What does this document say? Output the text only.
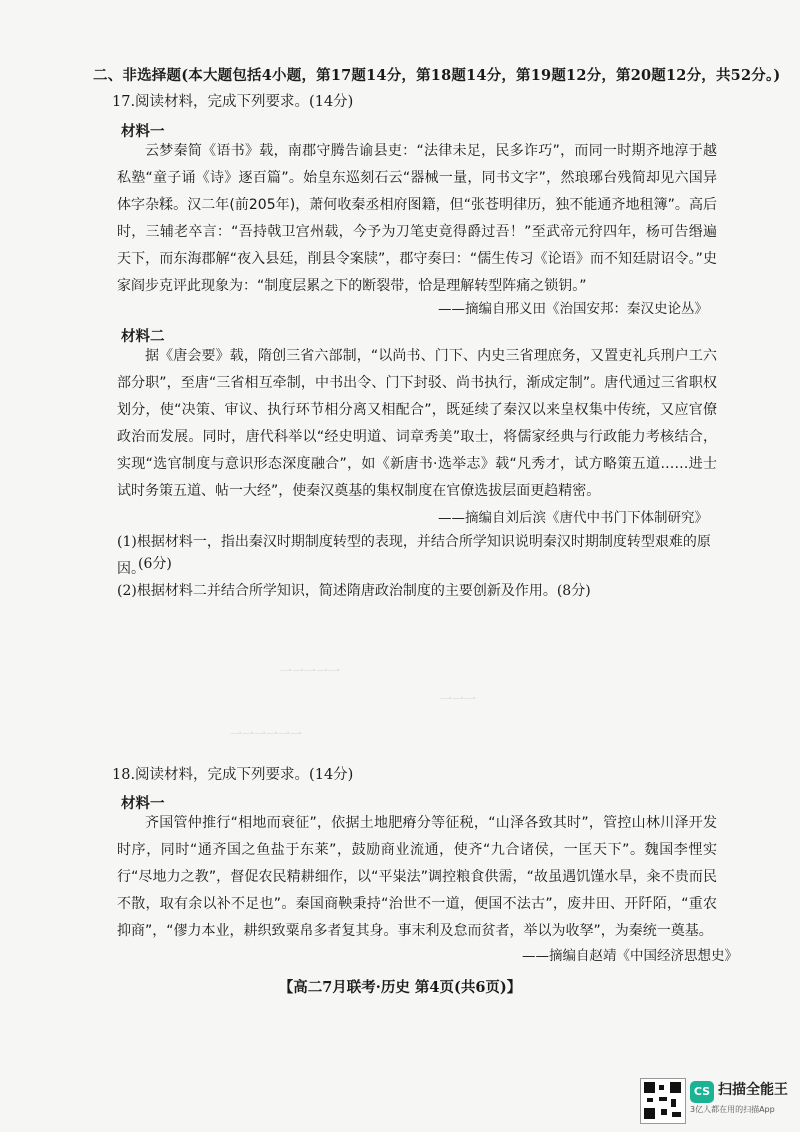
二、非选择题(本大题包括4小题，第17题14分，第18题14分，第19题12分，第20题12分，共52分。)
17.阅读材料，完成下列要求。(14分)
材料一
云梦秦简《语书》载，南郡守腾告谕县吏：“法律未足，民多诈巧”，而同一时期齐地淳于越私塾“童子诵《诗》逐百篇”。始皇东巡刻石云“器械一量，同书文字”，然琅琊台残简却见六国异体字杂糅。汉二年(前205年)，萧何收秦丞相府图籍，但“张苍明律历，独不能通齐地租簿”。高后时，三辅老卒言：“吾持戟卫宫州载，今予为刀笔吏竟得爵过吾！”至武帝元狩四年，杨可告缗遍天下，而东海郡解“夜入县廷，削县令案牍”，郡守奏曰：“儒生传习《论语》而不知廷尉诏令。”史家阎步克评此现象为：“制度层累之下的断裂带，恰是理解转型阵痛之锁钥。”
——摘编自邢义田《治国安邦：秦汉史论丛》
材料二
据《唐会要》载，隋创三省六部制，“以尚书、门下、内史三省理庶务，又置吏礼兵刑户工六部分职”，至唐“三省相互牵制，中书出令、门下封驳、尚书执行，渐成定制”。唐代通过三省职权划分，使“决策、审议、执行环节相分离又相配合”，既延续了秦汉以来皇权集中传统，又应官僚政治而发展。同时，唐代科举以“经史明道、词章秀美”取士，将儒家经典与行政能力考核结合，实现“选官制度与意识形态深度融合”，如《新唐书·选举志》载“凡秀才，试方略策五道……进士试时务策五道、帖一大经”，使秦汉奠基的集权制度在官僚选拔层面更趋精密。
——摘编自刘后滨《唐代中书门下体制研究》
(1)根据材料一，指出秦汉时期制度转型的表现，并结合所学知识说明秦汉时期制度转型艰难的原因。
(6分)
(2)根据材料二并结合所学知识，简述隋唐政治制度的主要创新及作用。(8分)
一一一一一
一一一
一一一一一一
18.阅读材料，完成下列要求。(14分)
材料一
齐国管仲推行“相地而衰征”，依据土地肥瘠分等征税，“山泽各致其时”，管控山林川泽开发时序，同时“通齐国之鱼盐于东莱”，鼓励商业流通，使齐“九合诸侯，一匡天下”。魏国李悝实行“尽地力之教”，督促农民精耕细作，以“平粜法”调控粮食供需，“故虽遇饥馑水旱，籴不贵而民不散，取有余以补不足也”。秦国商鞅秉持“治世不一道，便国不法古”，废井田、开阡陌，“重农抑商”，“僇力本业，耕织致粟帛多者复其身。事末利及怠而贫者，举以为收孥”，为秦统一奠基。
——摘编自赵靖《中国经济思想史》
【高二7月联考·历史 第4页(共6页)】
CS 扫描全能王
3亿人都在用的扫描App
